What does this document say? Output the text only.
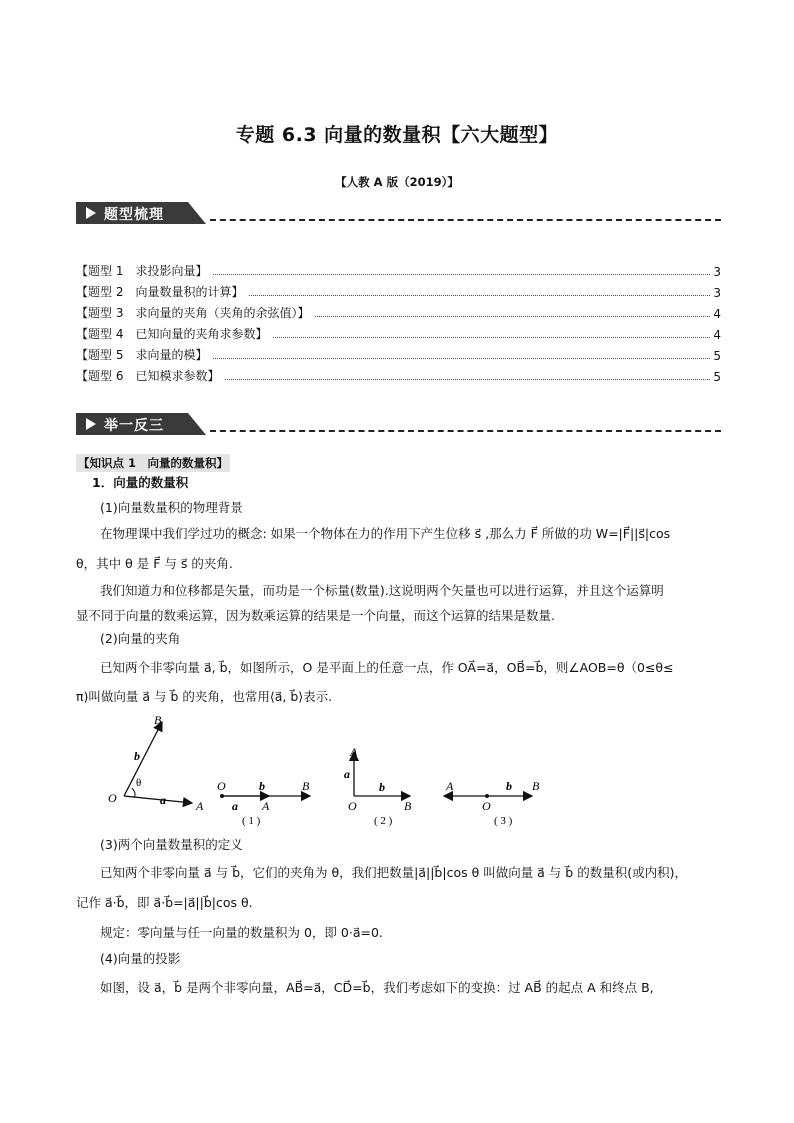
专题 6.3 向量的数量积【六大题型】
【人教 A 版（2019）】
题型梳理
【题型 1　求投影向量】	3
【题型 2　向量数量积的计算】	3
【题型 3　求向量的夹角（夹角的余弦值）】	4
【题型 4　已知向量的夹角求参数】	4
【题型 5　求向量的模】	5
【题型 6　已知模求参数】	5
举一反三
【知识点 1　向量的数量积】
1．向量的数量积
(1)向量数量积的物理背景
在物理课中我们学过功的概念: 如果一个物体在力的作用下产生位移 s⃗ ,那么力 F⃗ 所做的功 W=|F⃗||s⃗|cos
θ，其中 θ 是 F⃗ 与 s⃗ 的夹角.
我们知道力和位移都是矢量，而功是一个标量(数量).这说明两个矢量也可以进行运算，并且这个运算明
显不同于向量的数乘运算，因为数乘运算的结果是一个向量，而这个运算的结果是数量.
(2)向量的夹角
已知两个非零向量 a⃗, b⃗，如图所示，O 是平面上的任意一点，作 OA⃗=a⃗，OB⃗=b⃗，则∠AOB=θ（0≤θ≤
π)叫做向量 a⃗ 与 b⃗ 的夹角，也常用⟨a⃗, b⃗⟩表示.
O
B
A
b
a
θ	O	b	B
a A
( 1 )
A
a
O
b
B
( 2 )
A	b B
O
( 3 )
(3)两个向量数量积的定义
已知两个非零向量 a⃗ 与 b⃗，它们的夹角为 θ，我们把数量|a⃗||b⃗|cos θ 叫做向量 a⃗ 与 b⃗ 的数量积(或内积)，
记作 a⃗·b⃗，即 a⃗·b⃗=|a⃗||b⃗|cos θ.
规定：零向量与任一向量的数量积为 0，即 0·a⃗=0.
(4)向量的投影
如图，设 a⃗，b⃗ 是两个非零向量，AB⃗=a⃗，CD⃗=b⃗，我们考虑如下的变换：过 AB⃗ 的起点 A 和终点 B,
